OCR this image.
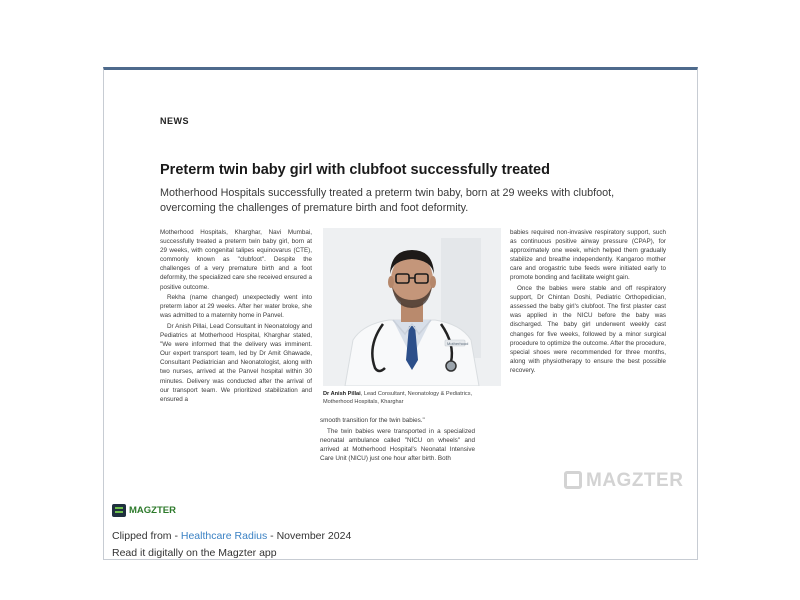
NEWS
Preterm twin baby girl with clubfoot successfully treated
Motherhood Hospitals successfully treated a preterm twin baby, born at 29 weeks with clubfoot, overcoming the challenges of premature birth and foot deformity.

Motherhood Hospitals, Kharghar, Navi Mumbai, successfully treated a preterm twin baby girl, born at 29 weeks, with congenital talipes equinovarus (CTE), commonly known as "clubfoot". Despite the challenges of a very premature birth and a foot deformity, the specialized care she received ensured a positive outcome.

Rekha (name changed) unexpectedly went into preterm labor at 29 weeks. After her water broke, she was admitted to a maternity home in Panvel.

Dr Anish Pillai, Lead Consultant in Neonatology and Pediatrics at Motherhood Hospital, Kharghar stated, "We were informed that the delivery was imminent. Our expert transport team, led by Dr Amit Ghawade, Consultant Pediatrician and Neonatologist, along with two nurses, arrived at the Panvel hospital within 30 minutes. Delivery was conducted after the arrival of our transport team. We prioritized stabilization and ensured a

Motherhood
Dr Anish Pillai, Lead Consultant, Neonatology & Pediatrics, Motherhood Hospitals, Kharghar

smooth transition for the twin babies."

The twin babies were transported in a specialized neonatal ambulance called "NICU on wheels" and arrived at Motherhood Hospital's Neonatal Intensive Care Unit (NICU) just one hour after birth. Both

babies required non-invasive respiratory support, such as continuous positive airway pressure (CPAP), for approximately one week, which helped them gradually stabilize and breathe independently. Kangaroo mother care and orogastric tube feeds were initiated early to promote bonding and facilitate weight gain.

Once the babies were stable and off respiratory support, Dr Chintan Doshi, Pediatric Orthopedician, assessed the baby girl's clubfoot. The first plaster cast was applied in the NICU before the baby was discharged. The baby girl underwent weekly cast changes for five weeks, followed by a minor surgical procedure to optimize the outcome. After the procedure, special shoes were recommended for three months, along with physiotherapy to ensure the best possible recovery.

MAGZTER
MAGZTER
Clipped from - Healthcare Radius - November 2024
Read it digitally on the Magzter app
